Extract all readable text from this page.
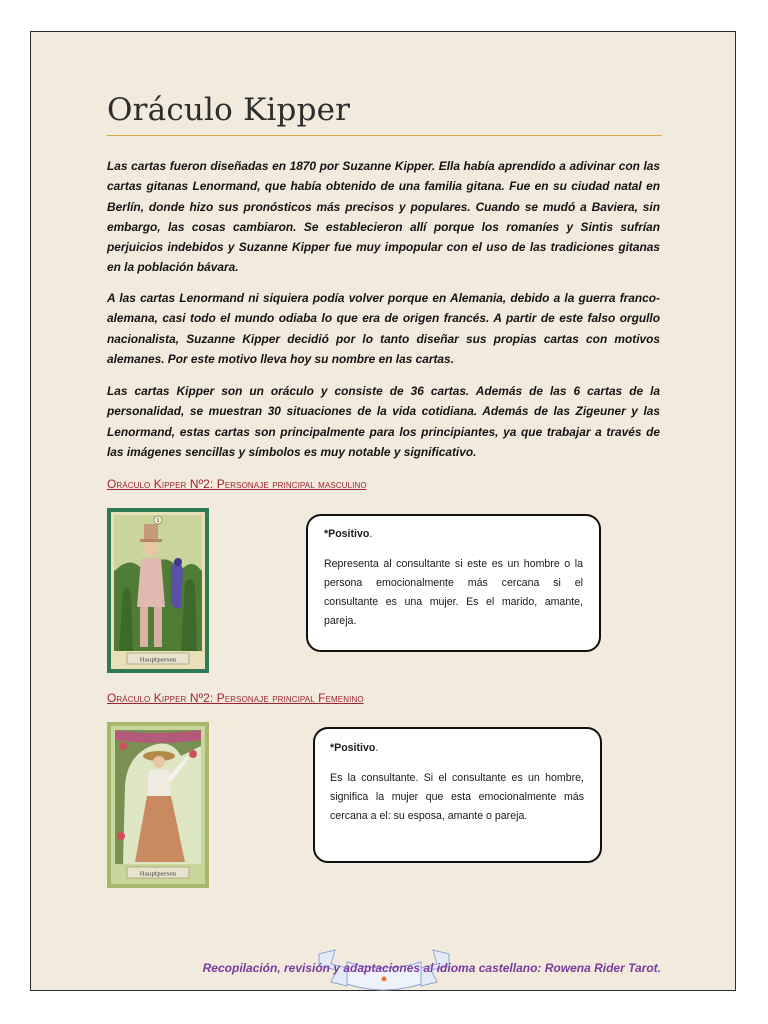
Oráculo Kipper

Las cartas fueron diseñadas en 1870 por Suzanne Kipper. Ella había aprendido a adivinar con las cartas gitanas Lenormand, que había obtenido de una familia gitana. Fue en su ciudad natal en Berlín, donde hizo sus pronósticos más precisos y populares. Cuando se mudó a Baviera, sin embargo, las cosas cambiaron. Se establecieron allí porque los romaníes y Sintis sufrían perjuicios indebidos y Suzanne Kipper fue muy impopular con el uso de las tradiciones gitanas en la población bávara.

A las cartas Lenormand ni siquiera podía volver porque en Alemania, debido a la guerra franco-alemana, casi todo el mundo odiaba lo que era de origen francés. A partir de este falso orgullo nacionalista, Suzanne Kipper decidió por lo tanto diseñar sus propias cartas con motivos alemanes. Por este motivo lleva hoy su nombre en las cartas.

Las cartas Kipper son un oráculo y consiste de 36 cartas. Además de las 6 cartas de la personalidad, se muestran 30 situaciones de la vida cotidiana. Además de las Zigeuner y las Lenormand, estas cartas son principalmente para los principiantes, ya que trabajar a través de las imágenes sencillas y símbolos es muy notable y significativo.

Oráculo Kipper Nº2: Personaje principal masculino
Hauptperson
1

*Positivo.

Representa al consultante si este es un hombre o la persona emocionalmente más cercana si el consultante es una mujer. Es el marido, amante, pareja.

Oráculo Kipper Nº2: Personaje principal Femenino
Hauptperson

*Positivo.

Es la consultante. Si el consultante es un hombre, significa la mujer que esta emocionalmente más cercana a el: su esposa, amante o pareja.

Recopilación, revisión y adaptaciones al idioma castellano: Rowena Rider Tarot.
